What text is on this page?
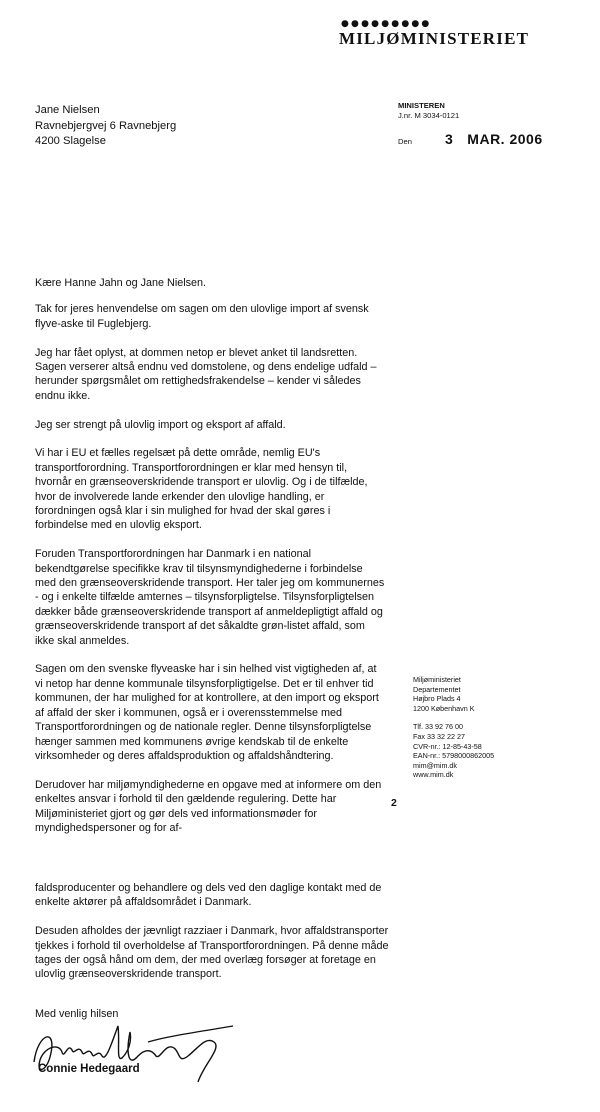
●●●●●●●●●
MILJØMINISTERIET
Jane Nielsen
Ravnebjergvej 6 Ravnebjerg
4200 Slagelse
MINISTEREN
J.nr. M 3034-0121
Den 3 MAR. 2006

Kære Hanne Jahn og Jane Nielsen.

Tak for jeres henvendelse om sagen om den ulovlige import af svensk flyve-aske til Fuglebjerg.

Jeg har fået oplyst, at dommen netop er blevet anket til landsretten. Sagen verserer altså endnu ved domstolene, og dens endelige udfald – herunder spørgsmålet om rettighedsfrakendelse – kender vi således endnu ikke.

Jeg ser strengt på ulovlig import og eksport af affald.

Vi har i EU et fælles regelsæt på dette område, nemlig EU's transportforordning. Transportforordningen er klar med hensyn til, hvornår en grænseoverskridende transport er ulovlig. Og i de tilfælde, hvor de involverede lande erkender den ulovlige handling, er forordningen også klar i sin mulighed for hvad der skal gøres i forbindelse med en ulovlig eksport.

Foruden Transportforordningen har Danmark i en national bekendtgørelse specifikke krav til tilsynsmyndighederne i forbindelse med den grænseoverskridende transport. Her taler jeg om kommunernes - og i enkelte tilfælde amternes – tilsynsforpligtelse. Tilsynsforpligtelsen dækker både grænseoverskridende transport af anmeldepligtigt affald og grænseoverskridende transport af det såkaldte grøn-listet affald, som ikke skal anmeldes.

Sagen om den svenske flyveaske har i sin helhed vist vigtigheden af, at vi netop har denne kommunale tilsynsforpligtigelse. Det er til enhver tid kommunen, der har mulighed for at kontrollere, at den import og eksport af affald der sker i kommunen, også er i overensstemmelse med Transportforordningen og de nationale regler. Denne tilsynsforpligtelse hænger sammen med kommunens øvrige kendskab til de enkelte virksomheder og deres affaldsproduktion og affaldshåndtering.

Derudover har miljømyndighederne en opgave med at informere om den enkeltes ansvar i forhold til den gældende regulering. Dette har Miljøministeriet gjort og gør dels ved informationsmøder for myndighedspersoner og for af-

Miljøministeriet
Departementet
Højbro Plads 4
1200 København K
Tlf. 33 92 76 00
Fax 33 32 22 27
CVR-nr.: 12-85-43-58
EAN-nr.: 5798000862005
mim@mim.dk
www.mim.dk
2

faldsproducenter og behandlere og dels ved den daglige kontakt med de enkelte aktører på affaldsområdet i Danmark.

Desuden afholdes der jævnligt razziaer i Danmark, hvor affaldstransporter tjekkes i forhold til overholdelse af Transportforordningen. På denne måde tages der også hånd om dem, der med overlæg forsøger at foretage en ulovlig grænseoverskridende transport.

Med venlig hilsen
Connie Hedegaard
